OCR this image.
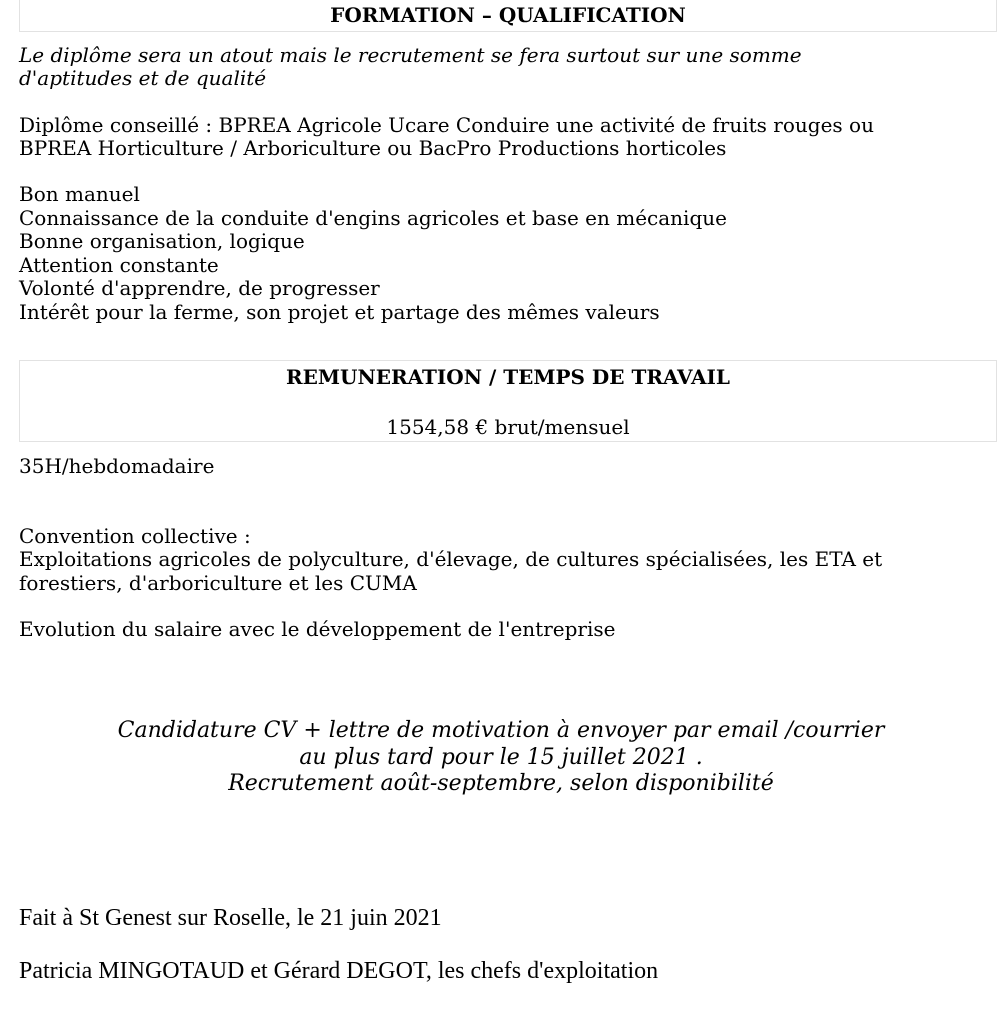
FORMATION – QUALIFICATION
Le diplôme sera un atout mais le recrutement se fera surtout sur une somme
d'aptitudes et de qualité
Diplôme conseillé : BPREA Agricole Ucare Conduire une activité de fruits rouges ou
BPREA Horticulture / Arboriculture ou BacPro Productions horticoles
Bon manuel
Connaissance de la conduite d'engins agricoles et base en mécanique
Bonne organisation, logique
Attention constante
Volonté d'apprendre, de progresser
Intérêt pour la ferme, son projet et partage des mêmes valeurs
REMUNERATION / TEMPS DE TRAVAIL
1554,58 € brut/mensuel
35H/hebdomadaire
Convention collective :
Exploitations agricoles de polyculture, d'élevage, de cultures spécialisées, les ETA et
forestiers, d'arboriculture et les CUMA
Evolution du salaire avec le développement de l'entreprise
Candidature CV + lettre de motivation à envoyer par email /courrier
au plus tard pour le 15 juillet 2021 .
Recrutement août-septembre, selon disponibilité
Fait à St Genest sur Roselle, le 21 juin 2021
Patricia MINGOTAUD et Gérard DEGOT, les chefs d'exploitation
